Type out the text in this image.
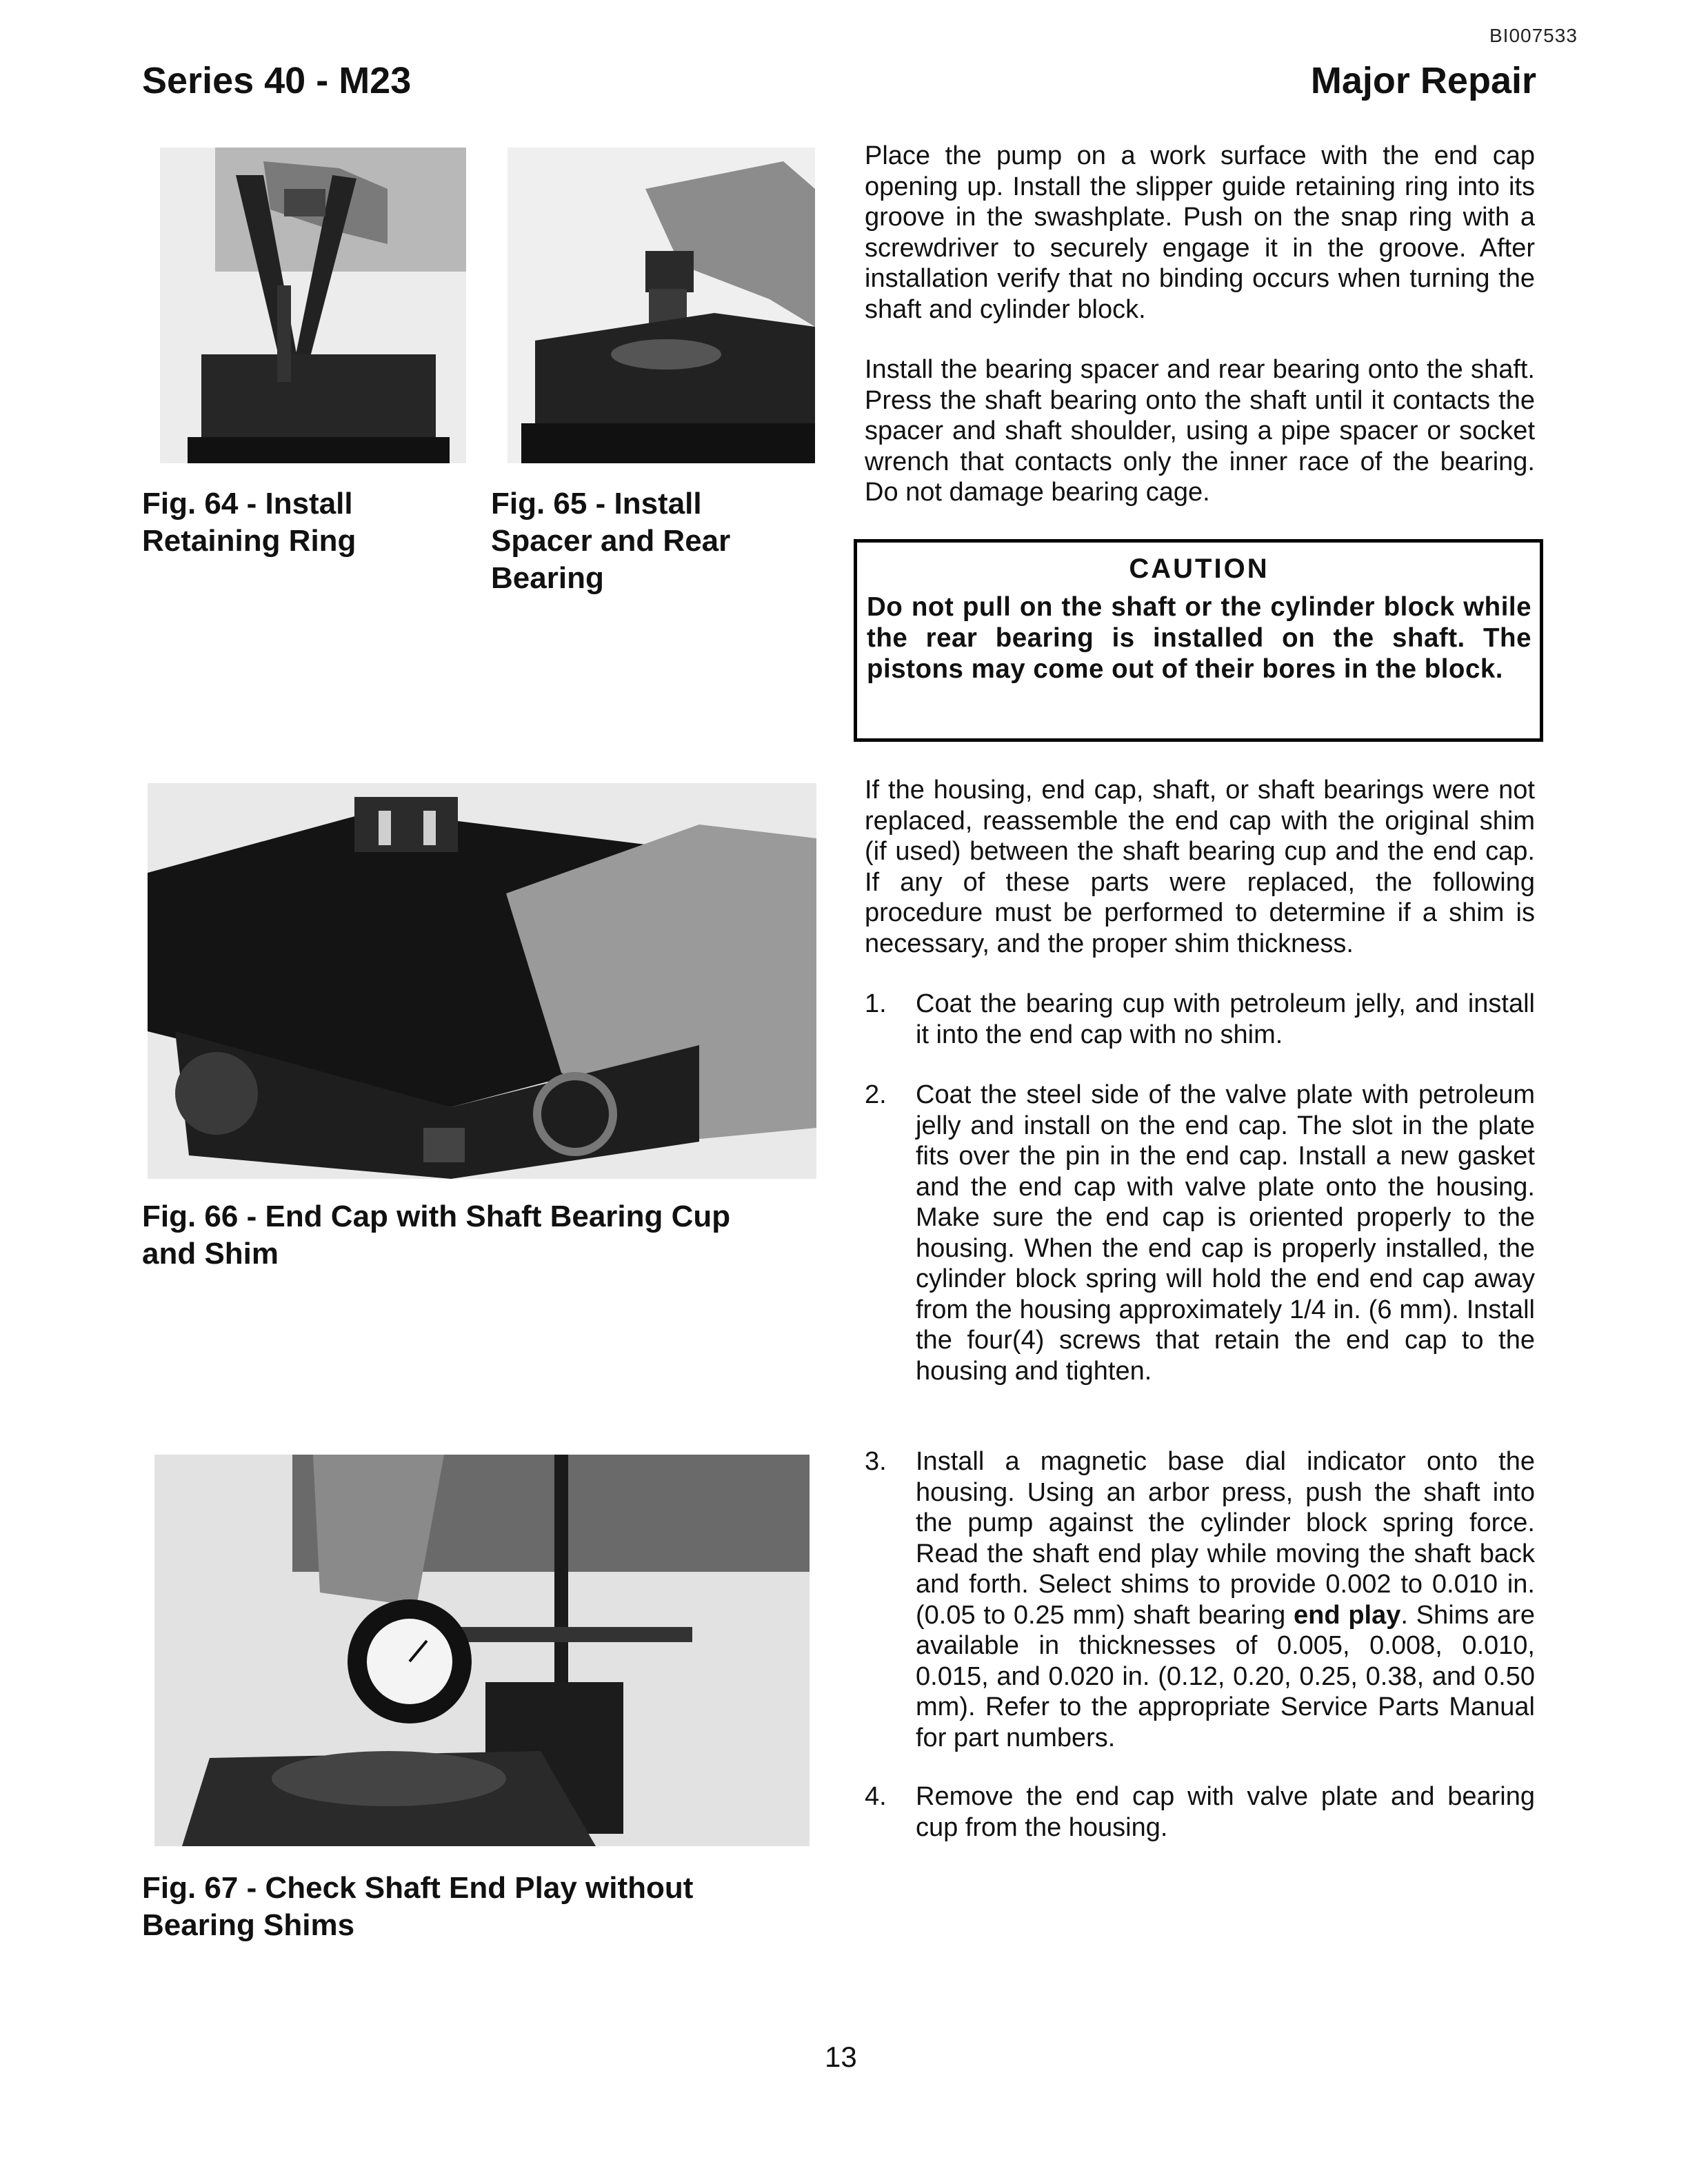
BI007533
Series 40 - M23	Major Repair
Fig. 64 - Install
Retaining Ring
Fig. 65 - Install
Spacer and Rear
Bearing
Fig. 66 - End Cap with Shaft Bearing Cup
and Shim
Fig. 67 - Check Shaft End Play without
Bearing Shims

Place the pump on a work surface with the end cap opening up. Install the slipper guide retaining ring into its groove in the swashplate. Push on the snap ring with a screwdriver to securely engage it in the groove. After installation verify that no binding occurs when turning the shaft and cylinder block.

Install the bearing spacer and rear bearing onto the shaft. Press the shaft bearing onto the shaft until it contacts the spacer and shaft shoulder, using a pipe spacer or socket wrench that contacts only the inner race of the bearing. Do not damage bearing cage.

CAUTION
Do not pull on the shaft or the cylinder block while the rear bearing is installed on the shaft. The pistons may come out of their bores in the block.

If the housing, end cap, shaft, or shaft bearings were not replaced, reassemble the end cap with the original shim (if used) between the shaft bearing cup and the end cap. If any of these parts were replaced, the following procedure must be performed to determine if a shim is necessary, and the proper shim thickness.

1.	Coat the bearing cup with petroleum jelly, and install it into the end cap with no shim.
2.	Coat the steel side of the valve plate with petroleum jelly and install on the end cap. The slot in the plate fits over the pin in the end cap. Install a new gasket and the end cap with valve plate onto the housing. Make sure the end cap is oriented properly to the housing. When the end cap is properly installed, the cylinder block spring will hold the end end cap away from the housing approximately 1/4 in. (6 mm). Install the four(4) screws that retain the end cap to the housing and tighten.
3.	Install a magnetic base dial indicator onto the housing. Using an arbor press, push the shaft into the pump against the cylinder block spring force. Read the shaft end play while moving the shaft back and forth. Select shims to provide 0.002 to 0.010 in. (0.05 to 0.25 mm) shaft bearing end play. Shims are available in thicknesses of 0.005, 0.008, 0.010, 0.015, and 0.020 in. (0.12, 0.20, 0.25, 0.38, and 0.50 mm). Refer to the appropriate Service Parts Manual for part numbers.
4.	Remove the end cap with valve plate and bearing cup from the housing.
13
